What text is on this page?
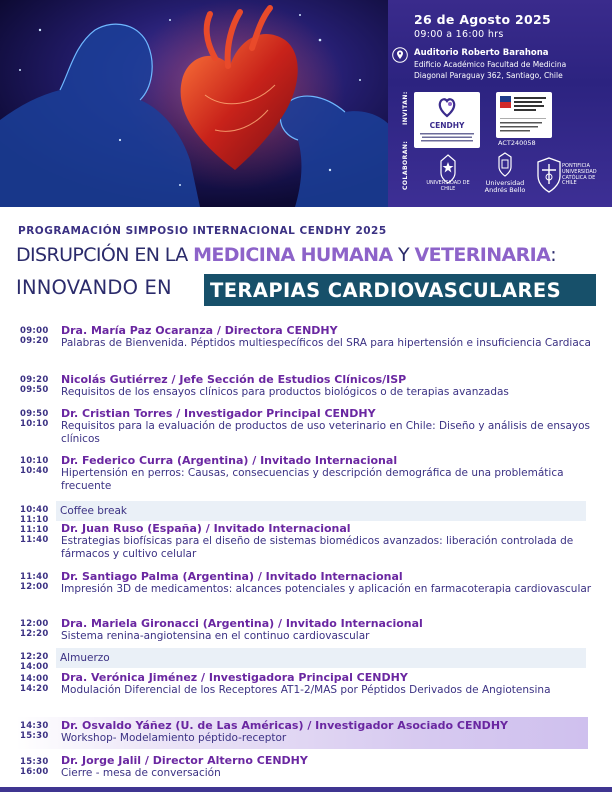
26 de Agosto 2025
09:00 a 16:00 hrs
Auditorio Roberto Barahona
Edificio Académico Facultad de Medicina
Diagonal Paraguay 362, Santiago, Chile
INVITAN:
COLABORAN:
CENDHY
ACT240058
UNIVERSIDAD DE CHILE
Universidad Andrés Bello
PONTIFICIA UNIVERSIDAD CATÓLICA DE CHILE
PROGRAMACIÓN SIMPOSIO INTERNACIONAL CENDHY 2025
DISRUPCIÓN EN LA MEDICINA HUMANA Y VETERINARIA:
INNOVANDO EN TERAPIAS CARDIOVASCULARES
09:00
09:20
Dra. María Paz Ocaranza / Directora CENDHY
Palabras de Bienvenida. Péptidos multiespecíficos del SRA para hipertensión e insuficiencia Cardiaca
09:20
09:50
Nicolás Gutiérrez / Jefe Sección de Estudios Clínicos/ISP
Requisitos de los ensayos clínicos para productos biológicos o de terapias avanzadas
09:50
10:10
Dr. Cristian Torres / Investigador Principal CENDHY
Requisitos para la evaluación de productos de uso veterinario en Chile: Diseño y análisis de ensayos clínicos
10:10
10:40
Dr. Federico Curra (Argentina) / Invitado Internacional
Hipertensión en perros: Causas, consecuencias y descripción demográfica de una problemática frecuente
Coffee break
10:40
11:10
11:10
11:40
Dr. Juan Ruso (España) / Invitado Internacional
Estrategias biofísicas para el diseño de sistemas biomédicos avanzados: liberación controlada de fármacos y cultivo celular
11:40
12:00
Dr. Santiago Palma (Argentina) / Invitado Internacional
Impresión 3D de medicamentos: alcances potenciales y aplicación en farmacoterapia cardiovascular
12:00
12:20
Dra. Mariela Gironacci (Argentina) / Invitado Internacional
Sistema renina-angiotensina en el continuo cardiovascular
Almuerzo
12:20
14:00
14:00
14:20
Dra. Verónica Jiménez / Investigadora Principal CENDHY
Modulación Diferencial de los Receptores AT1-2/MAS por Péptidos Derivados de Angiotensina
14:30
15:30
Dr. Osvaldo Yáñez (U. de Las Américas) / Investigador Asociado CENDHY
Workshop- Modelamiento péptido-receptor
15:30
16:00
Dr. Jorge Jalil / Director Alterno CENDHY
Cierre - mesa de conversación
